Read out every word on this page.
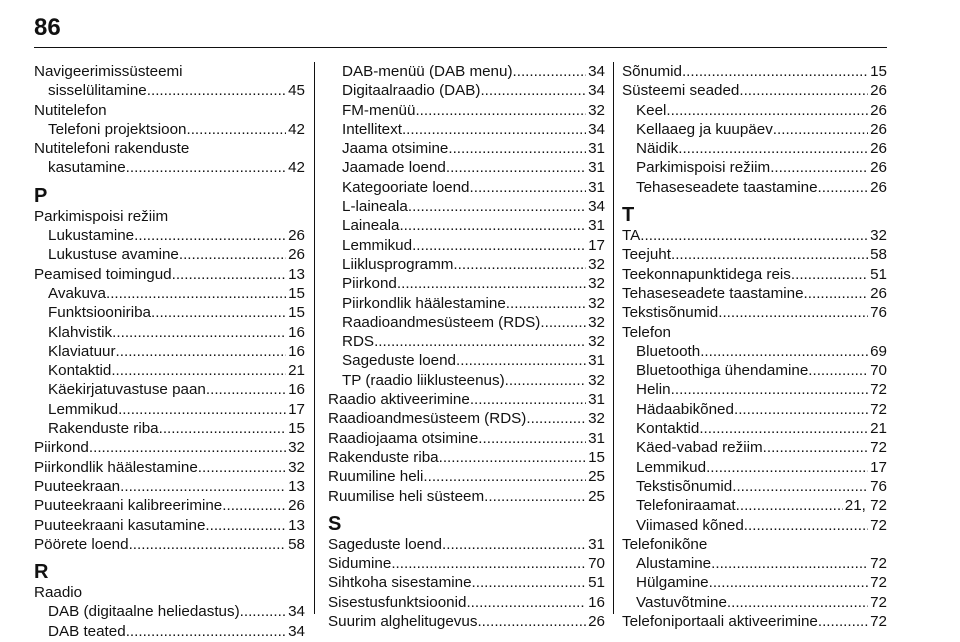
86
Navigeerimissüsteemi
sisselülitamine .....	45
Nutitelefon
Telefoni projektsioon .....	42
Nutitelefoni rakenduste
kasutamine .....	42
P
Parkimispoisi režiim
Lukustamine .....	26
Lukustuse avamine .....	26
Peamised toimingud .....	13
Avakuva .....	15
Funktsiooniriba .....	15
Klahvistik .....	16
Klaviatuur .....	16
Kontaktid .....	21
Käekirjatuvastuse paan .....	16
Lemmikud .....	17
Rakenduste riba .....	15
Piirkond .....	32
Piirkondlik häälestamine .....	32
Puuteekraan .....	13
Puuteekraani kalibreerimine .....	26
Puuteekraani kasutamine .....	13
Pöörete loend .....	58
R
Raadio
DAB (digitaalne heliedastus) .....	34
DAB teated .....	34
DAB-menüü (DAB menu) .....	34
Digitaalraadio (DAB) .....	34
FM-menüü .....	32
Intellitext .....	34
Jaama otsimine .....	31
Jaamade loend .....	31
Kategooriate loend .....	31
L-laineala .....	34
Laineala .....	31
Lemmikud .....	17
Liiklusprogramm .....	32
Piirkond .....	32
Piirkondlik häälestamine .....	32
Raadioandmesüsteem (RDS) .....	32
RDS .....	32
Sageduste loend .....	31
TP (raadio liiklusteenus) .....	32
Raadio aktiveerimine .....	31
Raadioandmesüsteem (RDS) .....	32
Raadiojaama otsimine .....	31
Rakenduste riba .....	15
Ruumiline heli .....	25
Ruumilise heli süsteem .....	25
S
Sageduste loend .....	31
Sidumine .....	70
Sihtkoha sisestamine .....	51
Sisestusfunktsioonid .....	16
Suurim alghelitugevus .....	26
Sõnumid .....	15
Süsteemi seaded .....	26
Keel .....	26
Kellaaeg ja kuupäev .....	26
Näidik .....	26
Parkimispoisi režiim .....	26
Tehaseseadete taastamine .....	26
T
TA .....	32
Teejuht .....	58
Teekonnapunktidega reis .....	51
Tehaseseadete taastamine .....	26
Tekstisõnumid .....	76
Telefon
Bluetooth .....	69
Bluetoothiga ühendamine .....	70
Helin .....	72
Hädaabikõned .....	72
Kontaktid .....	21
Käed-vabad režiim .....	72
Lemmikud .....	17
Tekstisõnumid .....	76
Telefoniraamat .....	21, 72
Viimased kõned .....	72
Telefonikõne
Alustamine .....	72
Hülgamine .....	72
Vastuvõtmine .....	72
Telefoniportaali aktiveerimine .....	72
